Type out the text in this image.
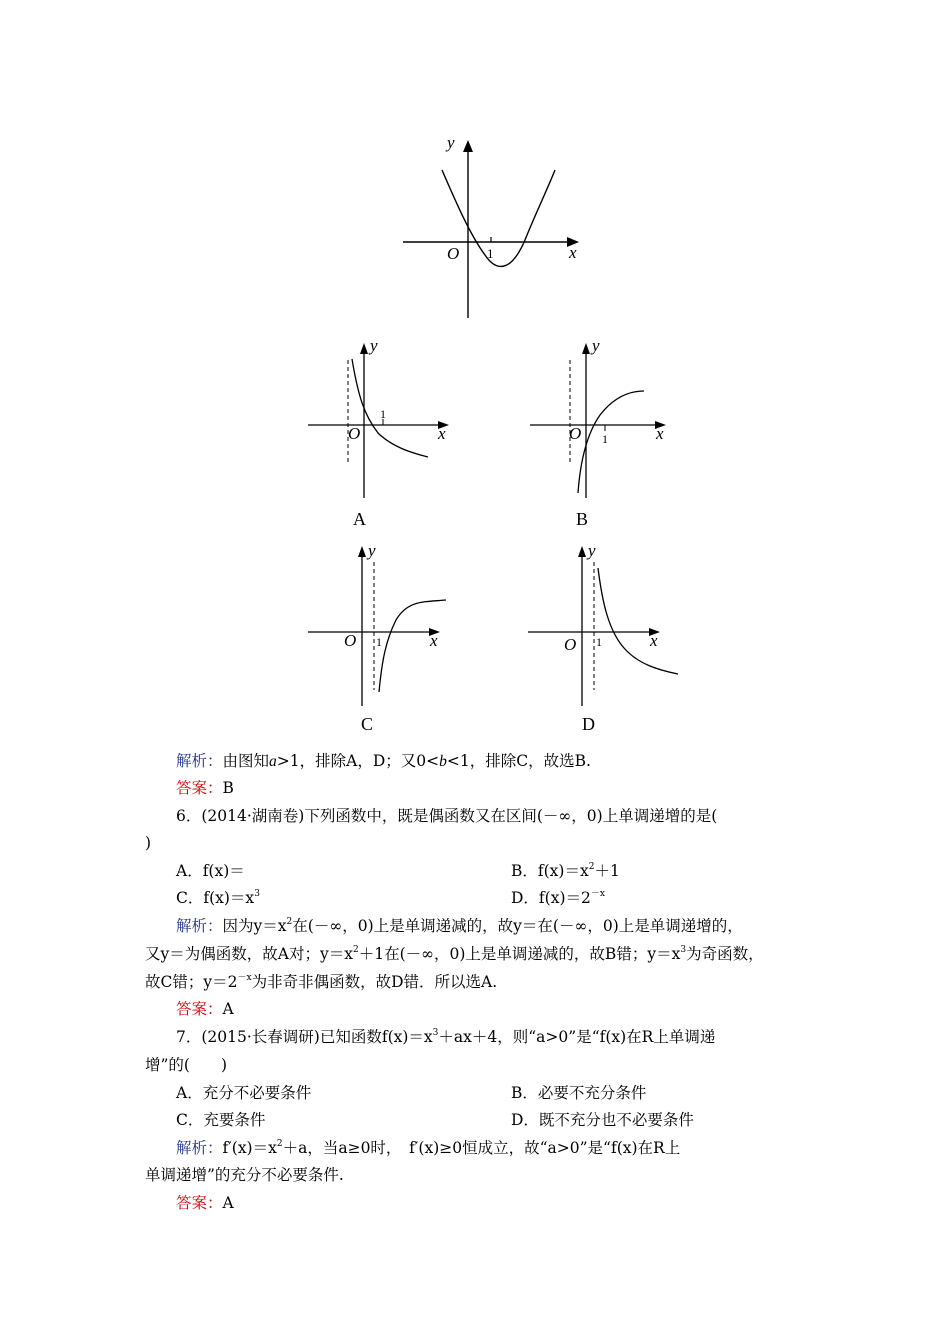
y
x
O 1
y
x
O
1
A
y
x
O 1
B
y
x
O 1
C
y
x
O 1
D
解析：由图知a>1，排除A，D；又0<b<1，排除C，故选B.
答案：B
6．(2014·湖南卷)下列函数中，既是偶函数又在区间(－∞，0)上单调递增的是(
)
A．f(x)＝	B．$f(x)=x^2+1$
C．$f(x)=x^3$	D．$f(x)=2^{-x}$
解析：因为$y=x^2$在(－∞，0)上是单调递减的，故y＝在(－∞，0)上是单调递增的，
又y＝为偶函数，故A对；$y=x^2+1$在(－∞，0)上是单调递减的，故B错；$y=x^3$为奇函数，
故C错；$y=2^{-x}$为非奇非偶函数，故D错．所以选A.
答案：A
7．(2015·长春调研)已知函数$f(x)=x^3+ax+4$，则“a>0”是“f(x)在R上单调递
增”的(　　)
A．充分不必要条件	B．必要不充分条件
C．充要条件	D．既不充分也不必要条件
解析：$f'(x)=x^2+a$，当a≥0时，　f′(x)≥0恒成立，故“a>0”是“f(x)在R上
单调递增”的充分不必要条件.
答案：A
